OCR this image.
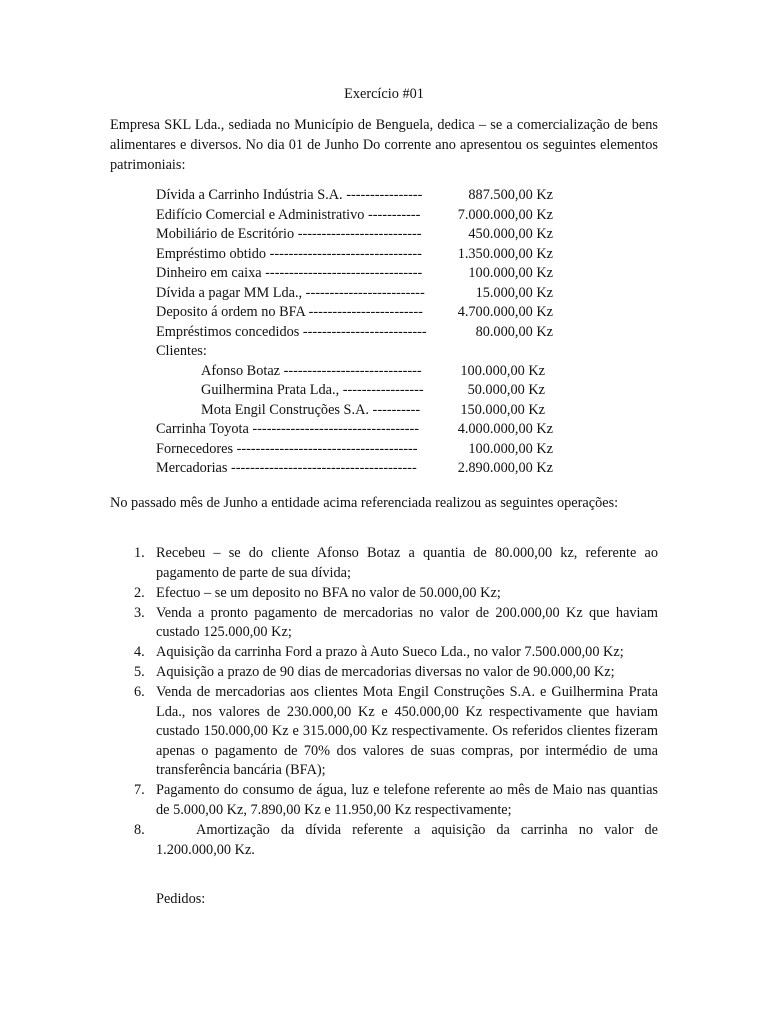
Exercício #01

Empresa SKL Lda., sediada no Município de Benguela, dedica – se a comercialização de bens alimentares e diversos. No dia 01 de Junho Do corrente ano apresentou os seguintes elementos patrimoniais:

Dívida a Carrinho Indústria S.A. ----------------	887.500,00 Kz
Edifício Comercial e Administrativo -----------	7.000.000,00 Kz
Mobiliário de Escritório --------------------------	450.000,00 Kz
Empréstimo obtido --------------------------------	1.350.000,00 Kz
Dinheiro em caixa ---------------------------------	100.000,00 Kz
Dívida a pagar MM Lda., -------------------------	15.000,00 Kz
Deposito á ordem no BFA ------------------------ 4.700.000,00 Kz
Empréstimos concedidos --------------------------	80.000,00 Kz
Clientes:
Afonso Botaz -----------------------------	100.000,00 Kz
Guilhermina Prata Lda., -----------------	50.000,00 Kz
Mota Engil Construções S.A. ----------	150.000,00 Kz
Carrinha Toyota -----------------------------------	4.000.000,00 Kz
Fornecedores --------------------------------------	100.000,00 Kz
Mercadorias ---------------------------------------	2.890.000,00 Kz

No passado mês de Junho a entidade acima referenciada realizou as seguintes operações:

1. Recebeu – se do cliente Afonso Botaz a quantia de 80.000,00 kz, referente ao pagamento de parte de sua dívida;
2. Efectuo – se um deposito no BFA no valor de 50.000,00 Kz;
3. Venda a pronto pagamento de mercadorias no valor de 200.000,00 Kz que haviam custado 125.000,00 Kz;
4. Aquisição da carrinha Ford a prazo à Auto Sueco Lda., no valor 7.500.000,00 Kz;
5. Aquisição a prazo de 90 dias de mercadorias diversas no valor de 90.000,00 Kz;
6. Venda de mercadorias aos clientes Mota Engil Construções S.A. e Guilhermina Prata Lda., nos valores de 230.000,00 Kz e 450.000,00 Kz respectivamente que haviam custado 150.000,00 Kz e 315.000,00 Kz respectivamente. Os referidos clientes fizeram apenas o pagamento de 70% dos valores de suas compras, por intermédio de uma transferência bancária (BFA);
7. Pagamento do consumo de água, luz e telefone referente ao mês de Maio nas quantias de 5.000,00 Kz, 7.890,00 Kz e 11.950,00 Kz respectivamente;
8.	Amortização da dívida referente a aquisição da carrinha no valor de 1.200.000,00 Kz.
Pedidos:
